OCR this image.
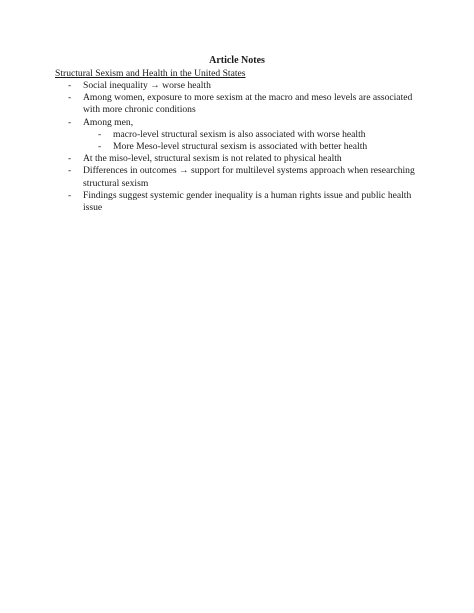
Article Notes
Structural Sexism and Health in the United States
- Social inequality → worse health
- Among women, exposure to more sexism at the macro and meso levels are associated with more chronic conditions
- Among men,
- macro-level structural sexism is also associated with worse health
- More Meso-level structural sexism is associated with better health
- At the miso-level, structural sexism is not related to physical health
- Differences in outcomes → support for multilevel systems approach when researching structural sexism
- Findings suggest systemic gender inequality is a human rights issue and public health issue
